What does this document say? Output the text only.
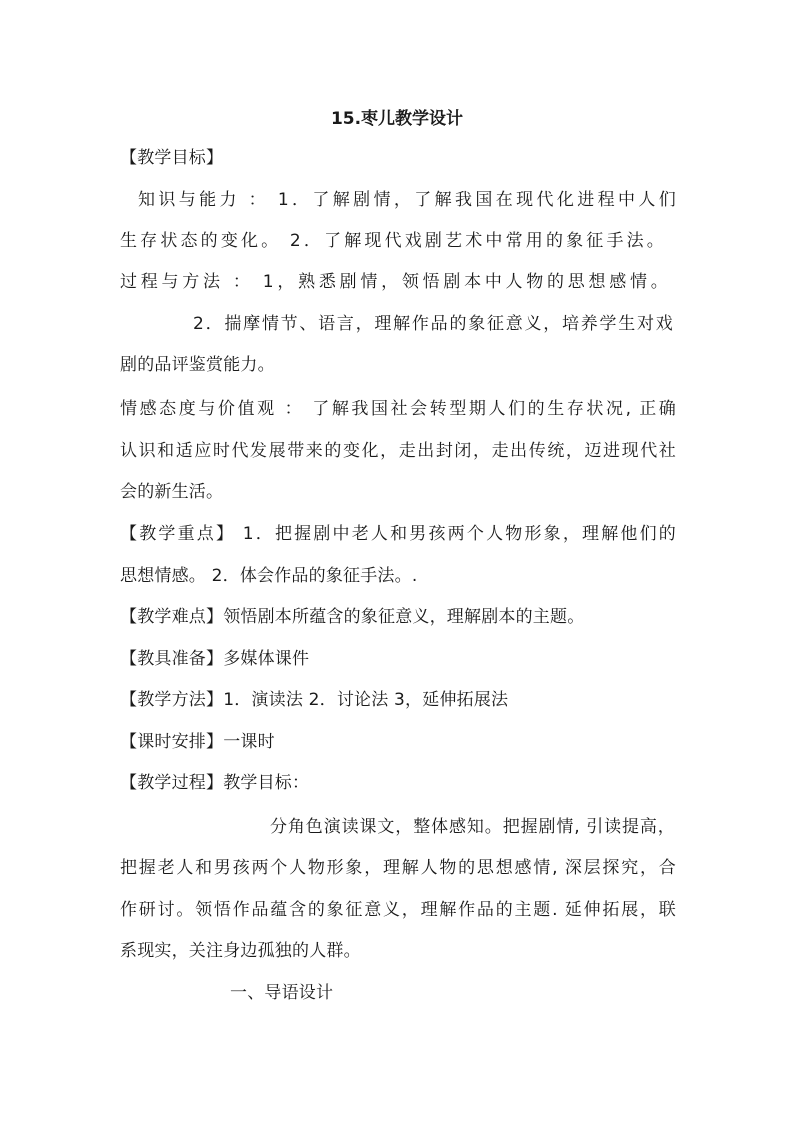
15.枣儿教学设计
【教学目标】
知识与能力 ： 1．了解剧情，了解我国在现代化进程中人们
生存状态的变化。 2．了解现代戏剧艺术中常用的象征手法。
过程与方法 ： 1，熟悉剧情，领悟剧本中人物的思想感情。
2．揣摩情节、语言，理解作品的象征意义，培养学生对戏
剧的品评鉴赏能力。
情感态度与价值观 ： 了解我国社会转型期人们的生存状况, 正确
认识和适应时代发展带来的变化，走出封闭，走出传统，迈进现代社
会的新生活。
【教学重点】 1．把握剧中老人和男孩两个人物形象，理解他们的
思想情感。 2．体会作品的象征手法。.
【教学难点】领悟剧本所蕴含的象征意义，理解剧本的主题。
【教具准备】多媒体课件
【教学方法】1．演读法 2．讨论法 3，延伸拓展法
【课时安排】一课时
【教学过程】教学目标：
分角色演读课文，整体感知。把握剧情, 引读提高，
把握老人和男孩两个人物形象，理解人物的思想感情, 深层探究，合
作研讨。领悟作品蕴含的象征意义，理解作品的主题. 延伸拓展，联
系现实，关注身边孤独的人群。
一、导语设计
